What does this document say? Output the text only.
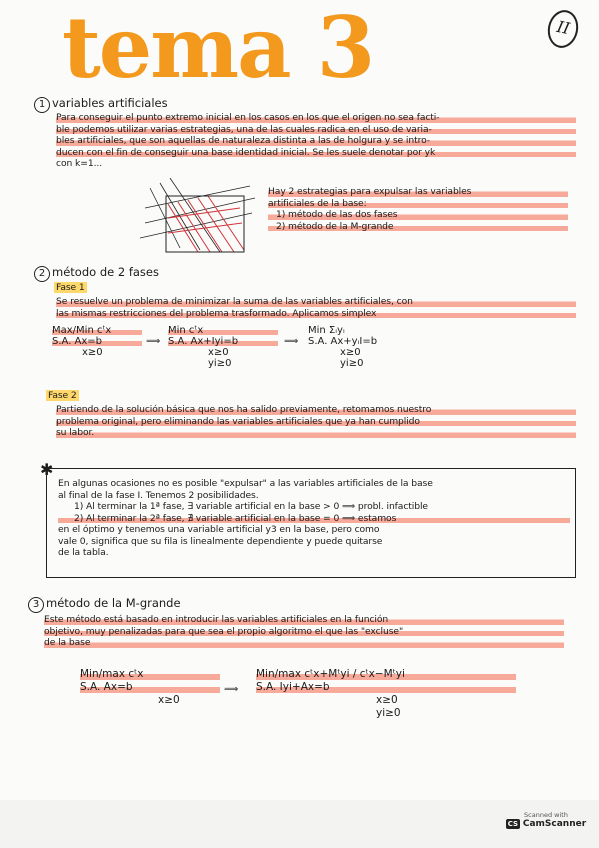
tema 3	II
1 variables artificiales
Para conseguir el punto extremo inicial en los casos en los que el origen no sea facti-
ble podemos utilizar varias estrategias, una de las cuales radica en el uso de varia-
bles artificiales, que son aquellas de naturaleza distinta a las de holgura y se intro-
ducen con el fin de conseguir una base identidad inicial. Se les suele denotar por yk
con k=1...
Hay 2 estrategias para expulsar las variables
artificiales de la base:
1) método de las dos fases
2) método de la M-grande
2 método de 2 fases
Fase 1
Se resuelve un problema de minimizar la suma de las variables artificiales, con
las mismas restricciones del problema trasformado. Aplicamos simplex
Max/Min cᵗx
S.A. Ax=b
x≥0
⟹
Min cᵗx
S.A. Ax+Iyi=b
x≥0
yi≥0
⟹
Min Σᵢyᵢ
S.A. Ax+yᵢI=b
x≥0
yi≥0
Fase 2
Partiendo de la solución básica que nos ha salido previamente, retomamos nuestro
problema original, pero eliminando las variables artificiales que ya han cumplido
su labor.
✱
En algunas ocasiones no es posible "expulsar" a las variables artificiales de la base
al final de la fase I. Tenemos 2 posibilidades.
1) Al terminar la 1ª fase, ∃ variable artificial en la base > 0 ⟹ probl. infactible
2) Al terminar la 2ª fase, ∄ variable artificial en la base = 0 ⟹ estamos
en el óptimo y tenemos una variable artificial y3 en la base, pero como
vale 0, significa que su fila is linealmente dependiente y puede quitarse
de la tabla.
3 método de la M-grande
Este método está basado en introducir las variables artificiales en la función
objetivo, muy penalizadas para que sea el propio algoritmo el que las "excluse"
de la base
Min/max cᵗx
S.A. Ax=b
x≥0
⟹
Min/max cᵗx+Mᵗyi / cᵗx−Mᵗyi
S.A. Iyi+Ax=b
x≥0
yi≥0
Scanned with
CS CamScanner
